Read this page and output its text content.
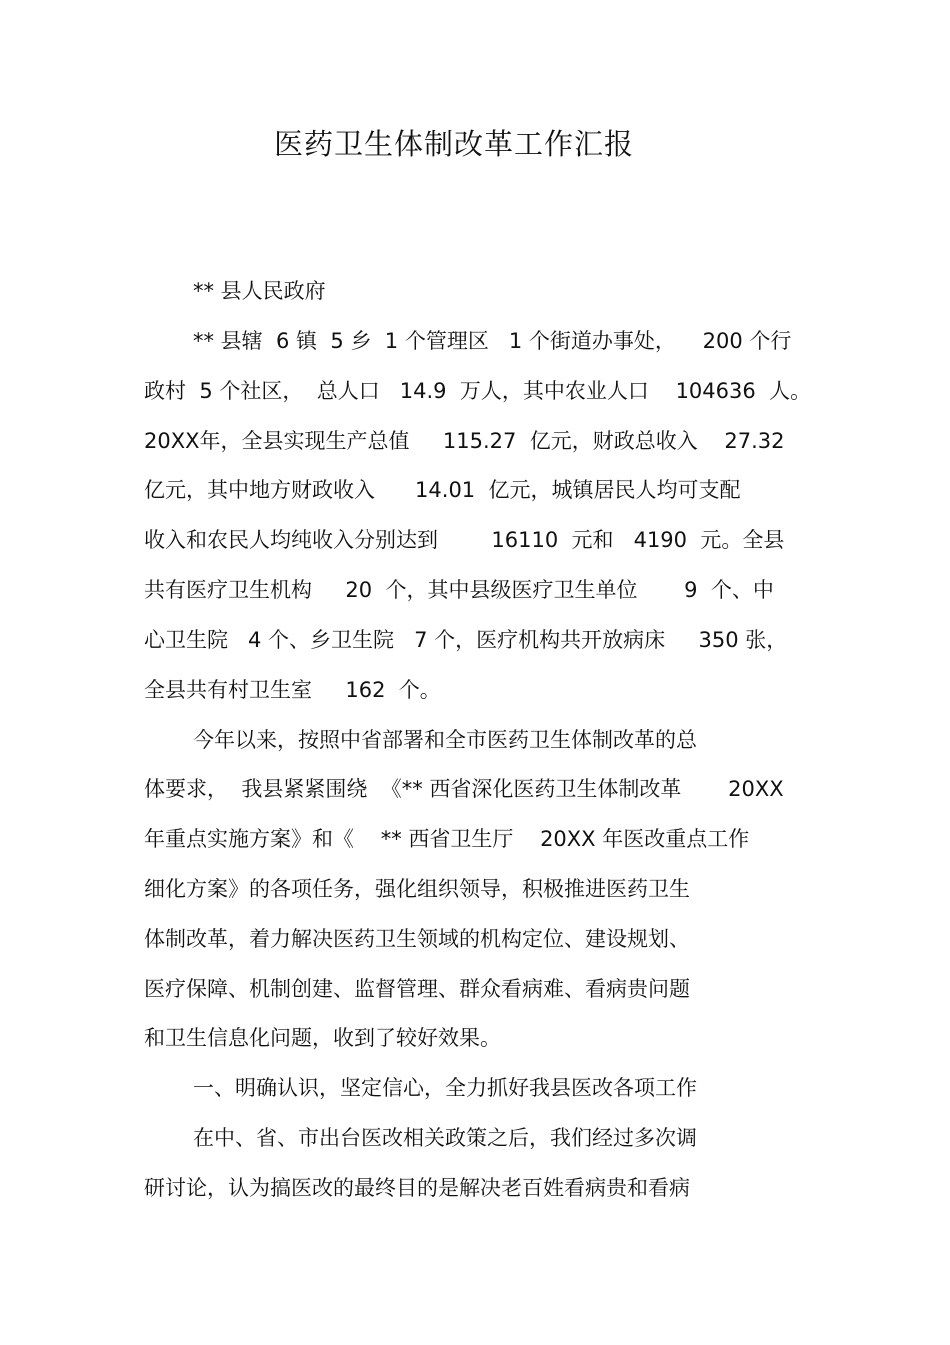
医药卫生体制改革工作汇报
** 县人民政府
** 县辖  6 镇  5 乡  1 个管理区   1 个街道办事处，    200 个行
政村  5 个社区，  总人口   14.9  万人，其中农业人口    104636  人。
20XX年，全县实现生产总值     115.27  亿元，财政总收入    27.32
亿元，其中地方财政收入      14.01  亿元，城镇居民人均可支配
收入和农民人均纯收入分别达到        16110  元和   4190  元。全县
共有医疗卫生机构     20  个，其中县级医疗卫生单位       9  个、中
心卫生院   4 个、乡卫生院   7 个，医疗机构共开放病床     350 张，
全县共有村卫生室     162  个。
今年以来，按照中省部署和全市医药卫生体制改革的总
体要求，  我县紧紧围绕  《** 西省深化医药卫生体制改革       20XX
年重点实施方案》和《    ** 西省卫生厅    20XX 年医改重点工作
细化方案》的各项任务，强化组织领导，积极推进医药卫生
体制改革，着力解决医药卫生领域的机构定位、建设规划、
医疗保障、机制创建、监督管理、群众看病难、看病贵问题
和卫生信息化问题，收到了较好效果。
一、明确认识，坚定信心，全力抓好我县医改各项工作
在中、省、市出台医改相关政策之后，我们经过多次调
研讨论，认为搞医改的最终目的是解决老百姓看病贵和看病
